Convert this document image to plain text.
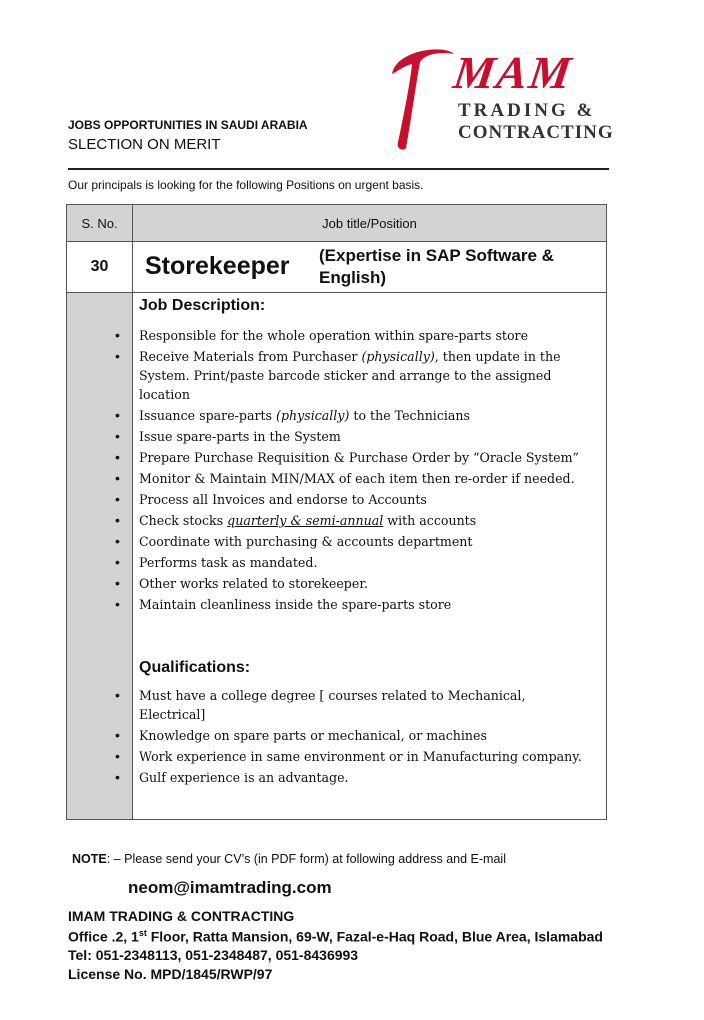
MAM
TRADING &
CONTRACTING
JOBS OPPORTUNITIES IN SAUDI ARABIA
SLECTION ON MERIT
Our principals is looking for the following Positions on urgent basis.
S. No.	Job title/Position
30	Storekeeper (Expertise in SAP Software & English)
Job Description:
• Responsible for the whole operation within spare-parts store
• Receive Materials from Purchaser (physically), then update in the System. Print/paste barcode sticker and arrange to the assigned location
• Issuance spare-parts (physically) to the Technicians
• Issue spare-parts in the System
• Prepare Purchase Requisition & Purchase Order by “Oracle System”
• Monitor & Maintain MIN/MAX of each item then re-order if needed.
• Process all Invoices and endorse to Accounts
• Check stocks quarterly & semi-annual with accounts
• Coordinate with purchasing & accounts department
• Performs task as mandated.
• Other works related to storekeeper.
• Maintain cleanliness inside the spare-parts store
Qualifications:
• Must have a college degree [ courses related to Mechanical, Electrical]
• Knowledge on spare parts or mechanical, or machines
• Work experience in same environment or in Manufacturing company.
• Gulf experience is an advantage.
NOTE: – Please send your CV’s (in PDF form) at following address and E-mail
neom@imamtrading.com
IMAM TRADING & CONTRACTING
Office .2, 1st Floor, Ratta Mansion, 69-W, Fazal-e-Haq Road, Blue Area, Islamabad
Tel: 051-2348113, 051-2348487, 051-8436993
License No. MPD/1845/RWP/97
